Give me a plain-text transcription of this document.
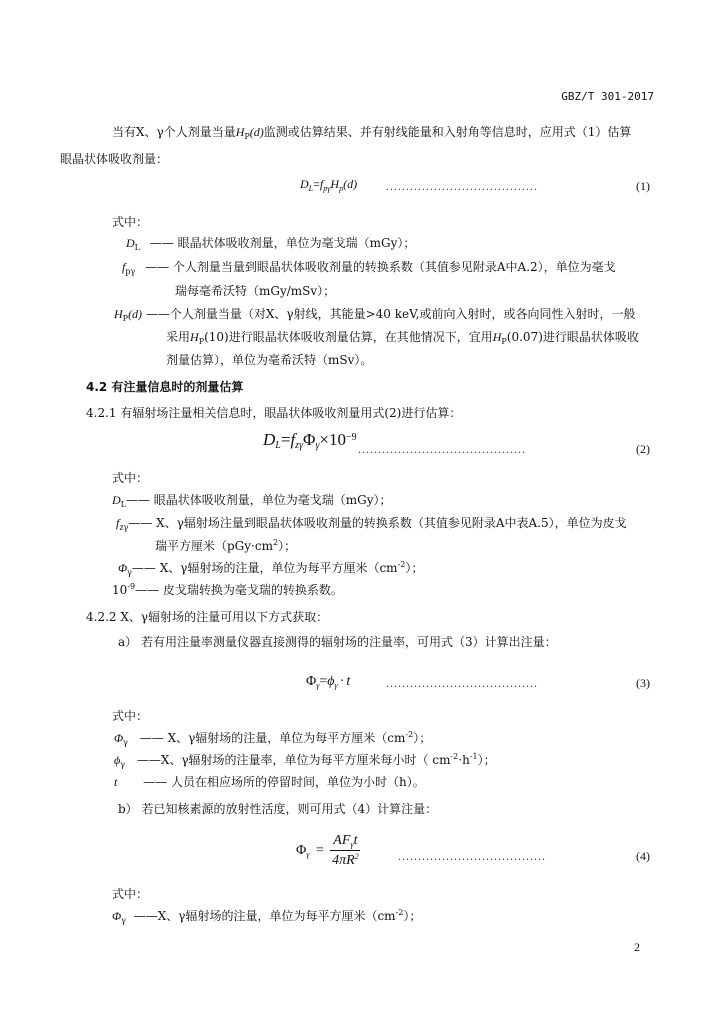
GBZ/T 301-2017
当有X、γ个人剂量当量$H_P(d)$监测或估算结果、并有射线能量和入射角等信息时，应用式（1）估算
眼晶状体吸收剂量：
$D_L=f_{p\gamma}H_p(d)$ ......................................	(1)
式中：
$D_L$ —— 眼晶状体吸收剂量，单位为毫戈瑞（mGy）；
$f_{p\gamma}$ —— 个人剂量当量到眼晶状体吸收剂量的转换系数（其值参见附录A中A.2），单位为毫戈
瑞每毫希沃特（mGy/mSv）；
$H_P(d)$ ——个人剂量当量（对X、γ射线，其能量>40 keV,或前向入射时，或各向同性入射时，一般
采用$H_P(10)$进行眼晶状体吸收剂量估算，在其他情况下，宜用$H_P(0.07)$进行眼晶状体吸收
剂量估算），单位为毫希沃特（mSv）。
4.2 有注量信息时的剂量估算
4.2.1 有辐射场注量相关信息时，眼晶状体吸收剂量用式(2)进行估算：
$D_L=f_{z\gamma}\Phi_\gamma\times 10^{-9}$
..........................................	(2)
式中：
$D_L——$ 眼晶状体吸收剂量，单位为毫戈瑞（mGy）；
$f_{z\gamma}——$ X、γ辐射场注量到眼晶状体吸收剂量的转换系数（其值参见附录A中表A.5），单位为皮戈
瑞平方厘米$(pGy\cdot cm^2)$；
$\Phi_\gamma——$ X、γ辐射场的注量，单位为每平方厘米$(cm^{-2})$；
$10^{-9}——$ 皮戈瑞转换为毫戈瑞的转换系数。
4.2.2 X、γ辐射场的注量可用以下方式获取：
a） 若有用注量率测量仪器直接测得的辐射场的注量率，可用式（3）计算出注量：
$\Phi_\gamma=\phi_\gamma \cdot t$	......................................	(3)
式中：
$\Phi_\gamma$ —— X、γ辐射场的注量，单位为每平方厘米$(cm^{-2})$；
$\phi_\gamma$ ——X、γ辐射场的注量率，单位为每平方厘米每小时（ $cm^{-2}\cdot h^{-1}$）；
t —— 人员在相应场所的停留时间，单位为小时（h）。
b） 若已知核素源的放射性活度，则可用式（4）计算注量：
$\Phi_\gamma = \frac{AF_\gamma t}{4\pi R^2}$	.....................................	(4)
式中：
$\Phi_\gamma$ ——X、γ辐射场的注量，单位为每平方厘米$(cm^{-2})$；
2
